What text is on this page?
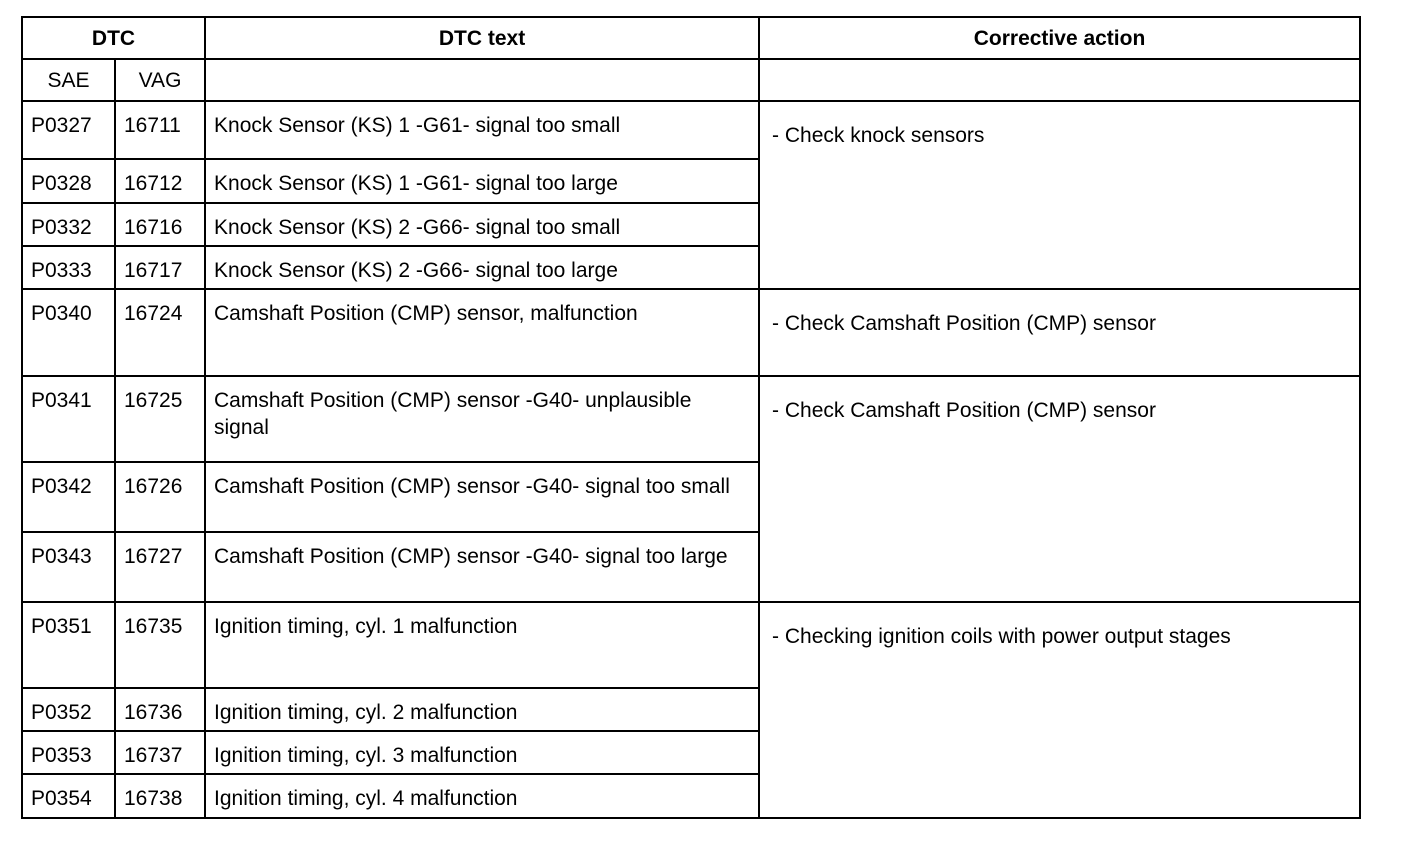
DTC		DTC text	Corrective action
SAE	VAG		
P0327	16711	Knock Sensor (KS) 1 -G61- signal too small	- Check knock sensors
P0328	16712	Knock Sensor (KS) 1 -G61- signal too large	
P0332	16716	Knock Sensor (KS) 2 -G66- signal too small	
P0333	16717	Knock Sensor (KS) 2 -G66- signal too large	
P0340	16724	Camshaft Position (CMP) sensor, malfunction	- Check Camshaft Position (CMP) sensor
P0341	16725	Camshaft Position (CMP) sensor -G40- unplausible signal	- Check Camshaft Position (CMP) sensor
P0342	16726	Camshaft Position (CMP) sensor -G40- signal too small	
P0343	16727	Camshaft Position (CMP) sensor -G40- signal too large	
P0351	16735	Ignition timing, cyl. 1 malfunction	- Checking ignition coils with power output stages
P0352	16736	Ignition timing, cyl. 2 malfunction	
P0353	16737	Ignition timing, cyl. 3 malfunction	
P0354	16738	Ignition timing, cyl. 4 malfunction	
